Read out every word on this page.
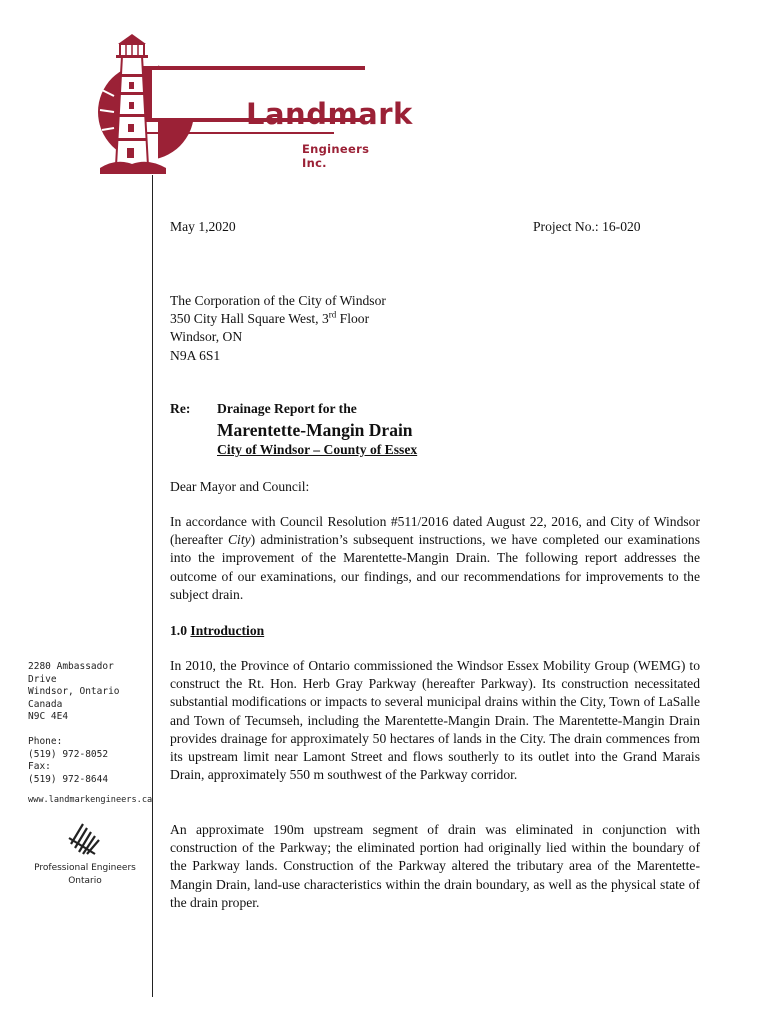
Landmark
Engineers Inc.
2280 Ambassador Drive
Windsor, Ontario
Canada
N9C 4E4
Phone:
(519) 972-8052
Fax:
(519) 972-8644
www.landmarkengineers.ca
Professional Engineers
Ontario
May 1,2020	Project No.: 16-020
The Corporation of the City of Windsor
350 City Hall Square West, 3rd Floor
Windsor, ON
N9A 6S1
Re: Drainage Report for the
Marentette-Mangin Drain
City of Windsor – County of Essex
Dear Mayor and Council:
In accordance with Council Resolution #511/2016 dated August 22, 2016, and City of Windsor (hereafter City) administration’s subsequent instructions, we have completed our examinations into the improvement of the Marentette-Mangin Drain. The following report addresses the outcome of our examinations, our findings, and our recommendations for improvements to the subject drain.
1.0 Introduction
In 2010, the Province of Ontario commissioned the Windsor Essex Mobility Group (WEMG) to construct the Rt. Hon. Herb Gray Parkway (hereafter Parkway). Its construction necessitated substantial modifications or impacts to several municipal drains within the City, Town of LaSalle and Town of Tecumseh, including the Marentette-Mangin Drain. The Marentette-Mangin Drain provides drainage for approximately 50 hectares of lands in the City. The drain commences from its upstream limit near Lamont Street and flows southerly to its outlet into the Grand Marais Drain, approximately 550 m southwest of the Parkway corridor.
An approximate 190m upstream segment of drain was eliminated in conjunction with construction of the Parkway; the eliminated portion had originally lied within the boundary of the Parkway lands. Construction of the Parkway altered the tributary area of the Marentette-Mangin Drain, land-use characteristics within the drain boundary, as well as the physical state of the drain proper.
